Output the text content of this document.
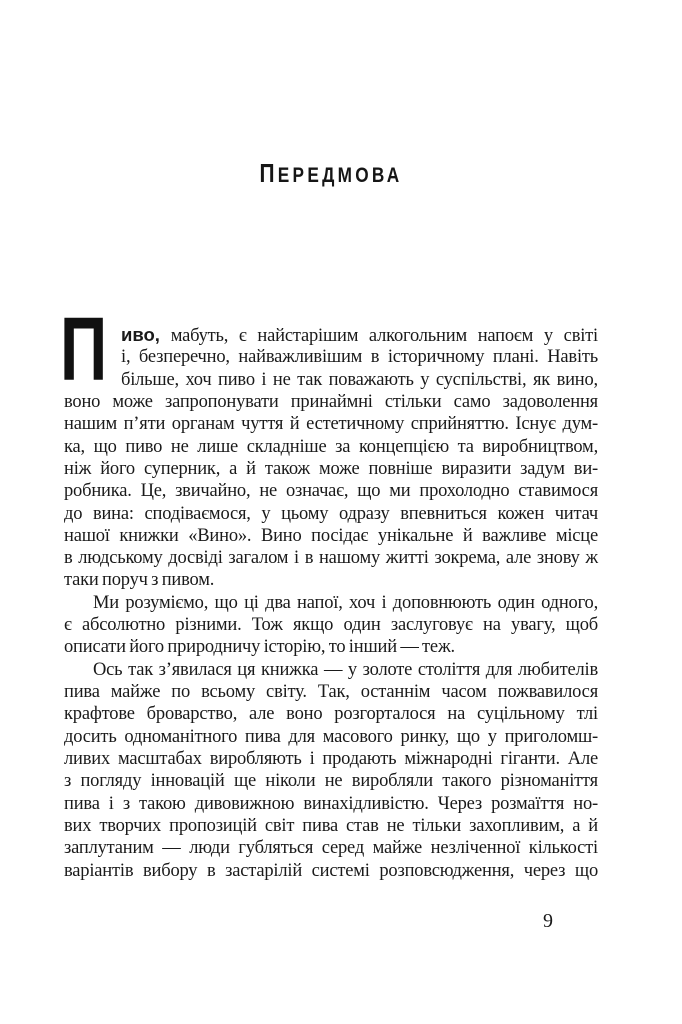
ПЕРЕДМОВА
П иво, мабуть, є найстарішим алкогольним напоєм у світі
і, безперечно, найважливішим в історичному плані. Навіть
більше, хоч пиво і не так поважають у суспільстві, як вино,
воно може запропонувати принаймні стільки само задоволення
нашим п’яти органам чуття й естетичному сприйняттю. Існує дум-
ка, що пиво не лише складніше за концепцією та виробництвом,
ніж його суперник, а й також може повніше виразити задум ви-
робника. Це, звичайно, не означає, що ми прохолодно ставимося
до вина: сподіваємося, у цьому одразу впевниться кожен читач
нашої книжки «Вино». Вино посідає унікальне й важливе місце
в людському досвіді загалом і в нашому житті зокрема, але знову ж
таки поруч з пивом.
Ми розуміємо, що ці два напої, хоч і доповнюють один одного,
є абсолютно різними. Тож якщо один заслуговує на увагу, щоб
описати його природничу історію, то інший — теж.
Ось так з’явилася ця книжка — у золоте століття для любителів
пива майже по всьому світу. Так, останнім часом пожвавилося
крафтове броварство, але воно розгорталося на суцільному тлі
досить одноманітного пива для масового ринку, що у приголомш-
ливих масштабах виробляють і продають міжнародні гіганти. Але
з погляду інновацій ще ніколи не виробляли такого різноманіття
пива і з такою дивовижною винахідливістю. Через розмаїття но-
вих творчих пропозицій світ пива став не тільки захопливим, а й
заплутаним — люди губляться серед майже незліченної кількості
варіантів вибору в застарілій системі розповсюдження, через що
9
